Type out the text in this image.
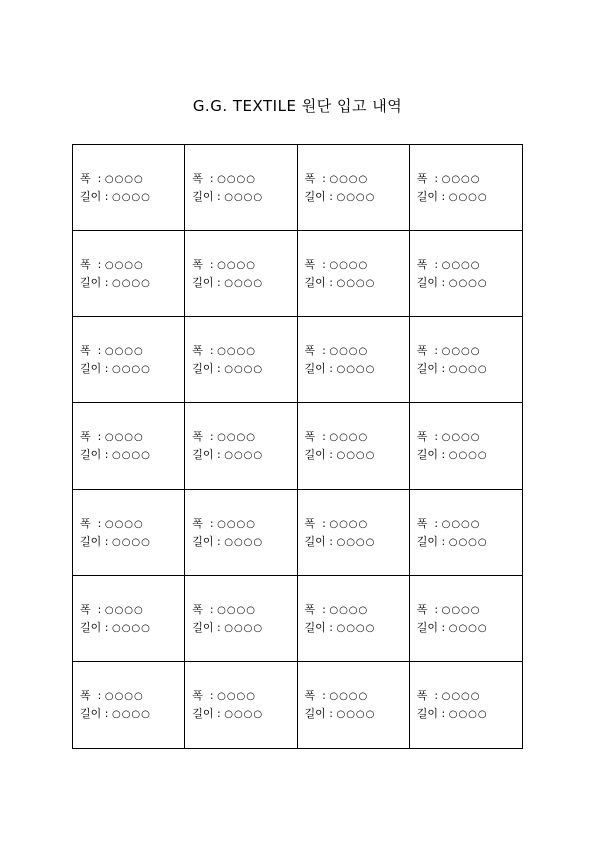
G.G. TEXTILE 원단 입고 내역
폭  : ○○○○
길이 : ○○○○
폭  : ○○○○
길이 : ○○○○
폭  : ○○○○
길이 : ○○○○
폭  : ○○○○
길이 : ○○○○
폭  : ○○○○
길이 : ○○○○
폭  : ○○○○
길이 : ○○○○
폭  : ○○○○
길이 : ○○○○
폭  : ○○○○
길이 : ○○○○
폭  : ○○○○
길이 : ○○○○
폭  : ○○○○
길이 : ○○○○
폭  : ○○○○
길이 : ○○○○
폭  : ○○○○
길이 : ○○○○
폭  : ○○○○
길이 : ○○○○
폭  : ○○○○
길이 : ○○○○
폭  : ○○○○
길이 : ○○○○
폭  : ○○○○
길이 : ○○○○
폭  : ○○○○
길이 : ○○○○
폭  : ○○○○
길이 : ○○○○
폭  : ○○○○
길이 : ○○○○
폭  : ○○○○
길이 : ○○○○
폭  : ○○○○
길이 : ○○○○
폭  : ○○○○
길이 : ○○○○
폭  : ○○○○
길이 : ○○○○
폭  : ○○○○
길이 : ○○○○
폭  : ○○○○
길이 : ○○○○
폭  : ○○○○
길이 : ○○○○
폭  : ○○○○
길이 : ○○○○
폭  : ○○○○
길이 : ○○○○
